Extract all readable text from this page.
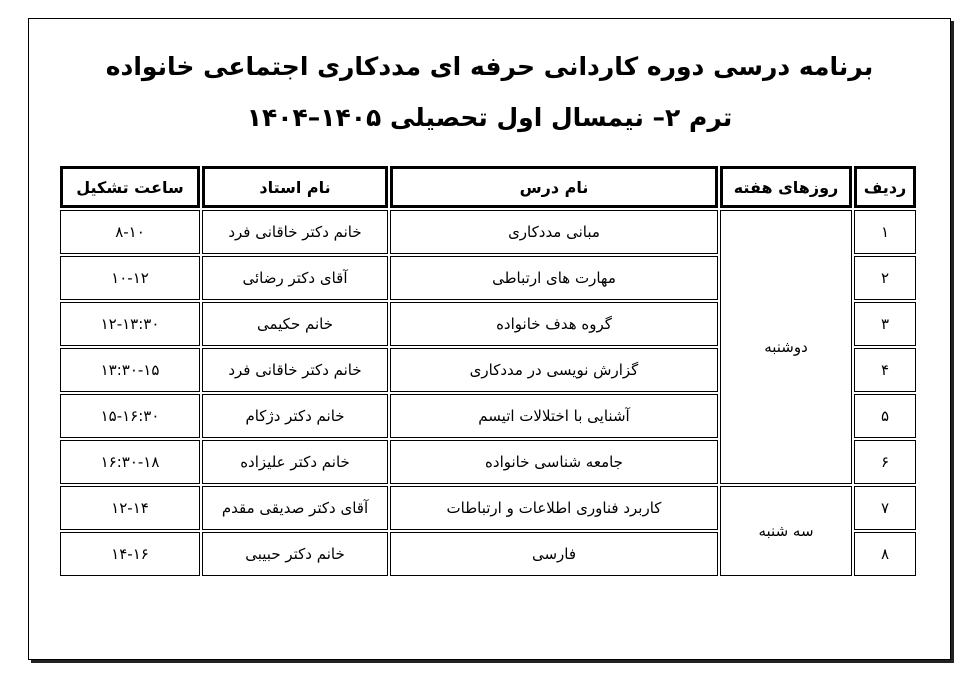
برنامه درسی دوره کاردانی حرفه ای مددکاری اجتماعی خانواده
ترم ۲– نیمسال اول تحصیلی ۱۴۰۵–۱۴۰۴
ردیف	روزهای هفته	نام درس	نام استاد	ساعت تشکیل
۱	دوشنبه	مبانی مددکاری	خانم دکتر خاقانی فرد	۸-۱۰
۲		مهارت های ارتباطی	آقای دکتر رضائی	۱۰-۱۲
۳		گروه هدف خانواده	خانم حکیمی	۱۲-۱۳:۳۰
۴		گزارش نویسی در مددکاری	خانم دکتر خاقانی فرد	۱۳:۳۰-۱۵
۵		آشنایی با اختلالات اتیسم	خانم دکتر دژکام	۱۵-۱۶:۳۰
۶		جامعه شناسی خانواده	خانم دکتر علیزاده	۱۶:۳۰-۱۸
۷	سه شنبه	کاربرد فناوری اطلاعات و ارتباطات	آقای دکتر صدیقی مقدم	۱۲-۱۴
۸		فارسی	خانم دکتر حبیبی	۱۴-۱۶
